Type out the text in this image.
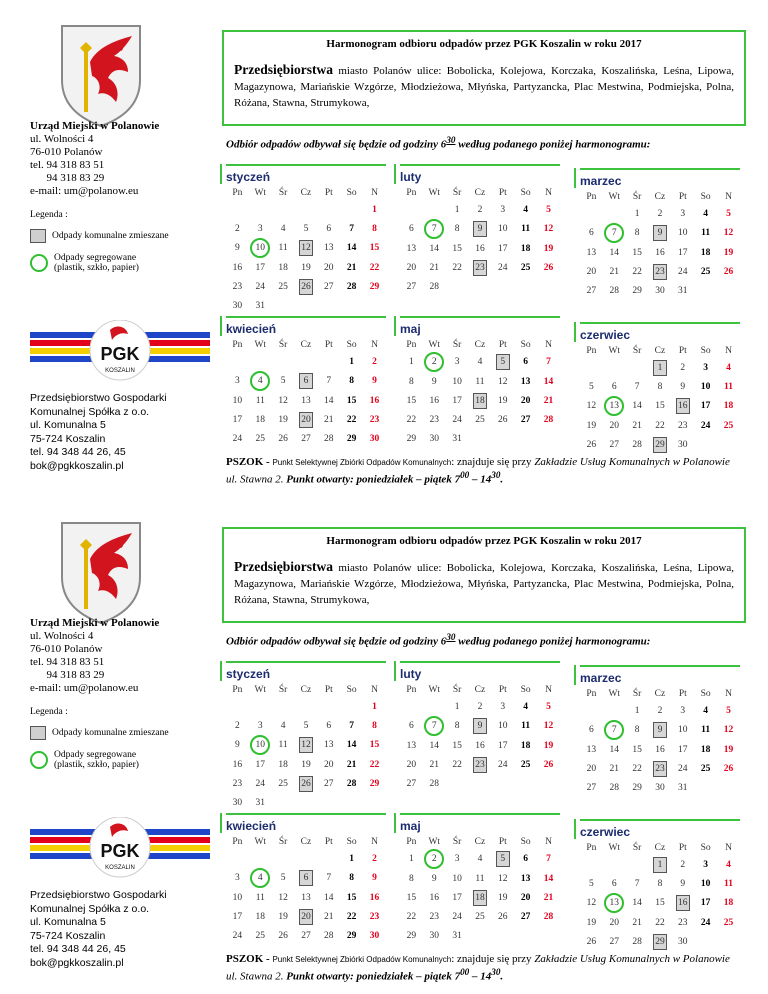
Urząd Miejski w Polanowie
ul. Wolności 4
76-010 Polanów
tel. 94 318 83 51
94 318 83 29
e-mail: um@polanow.eu
Legenda :
Odpady komunalne zmieszane
Odpady segregowane
(plastik, szkło, papier)
PGK
KOSZALIN
Przedsiębiorstwo Gospodarki
Komunalnej Spółka z o.o.
ul. Komunalna 5
75-724 Koszalin
tel. 94 348 44 26, 45
bok@pgkkoszalin.pl
Harmonogram odbioru odpadów przez PGK Koszalin w roku 2017
Przedsiębiorstwa miasto Polanów ulice: Bobolicka, Kolejowa, Korczaka, Koszalińska, Leśna, Lipowa, Magazynowa, Mariańskie Wzgórze, Młodzieżowa, Młyńska, Partyzancka, Plac Mestwina, Podmiejska, Polna, Różana, Stawna, Strumykowa,
Odbiór odpadów odbywał się będzie od godziny $6^{30}$ według podanego poniżej harmonogramu:
styczeń
Pn	Wt	Śr	Cz	Pt	So	N
						1
2	3	4	5	6	7	8
9	10	11	12	13	14	15
16	17	18	19	20	21	22
23	24	25	26	27	28	29
30	31					
luty
Pn	Wt	Śr	Cz	Pt	So	N
		1	2	3	4	5
6	7	8	9	10	11	12
13	14	15	16	17	18	19
20	21	22	23	24	25	26
27	28					
marzec
Pn	Wt	Śr	Cz	Pt	So	N
		1	2	3	4	5
6	7	8	9	10	11	12
13	14	15	16	17	18	19
20	21	22	23	24	25	26
27	28	29	30	31		
kwiecień
Pn	Wt	Śr	Cz	Pt	So	N
					1	2
3	4	5	6	7	8	9
10	11	12	13	14	15	16
17	18	19	20	21	22	23
24	25	26	27	28	29	30
maj
Pn	Wt	Śr	Cz	Pt	So	N
1	2	3	4	5	6	7
8	9	10	11	12	13	14
15	16	17	18	19	20	21
22	23	24	25	26	27	28
29	30	31				
czerwiec
Pn	Wt	Śr	Cz	Pt	So	N
			1	2	3	4
5	6	7	8	9	10	11
12	13	14	15	16	17	18
19	20	21	22	23	24	25
26	27	28	29	30		
PSZOK - Punkt Selektywnej Zbiórki Odpadów Komunalnych: znajduje się przy Zakładzie Usług Komunalnych w Polanowie ul. Stawna 2. Punkt otwarty: poniedziałek – piątek $7^{00} - 14^{30}$.
Urząd Miejski w Polanowie
ul. Wolności 4
76-010 Polanów
tel. 94 318 83 51
94 318 83 29
e-mail: um@polanow.eu
Legenda :
Odpady komunalne zmieszane
Odpady segregowane
(plastik, szkło, papier)
PGK
KOSZALIN
Przedsiębiorstwo Gospodarki
Komunalnej Spółka z o.o.
ul. Komunalna 5
75-724 Koszalin
tel. 94 348 44 26, 45
bok@pgkkoszalin.pl
Harmonogram odbioru odpadów przez PGK Koszalin w roku 2017
Przedsiębiorstwa miasto Polanów ulice: Bobolicka, Kolejowa, Korczaka, Koszalińska, Leśna, Lipowa, Magazynowa, Mariańskie Wzgórze, Młodzieżowa, Młyńska, Partyzancka, Plac Mestwina, Podmiejska, Polna, Różana, Stawna, Strumykowa,
Odbiór odpadów odbywał się będzie od godziny $6^{30}$ według podanego poniżej harmonogramu:
styczeń
Pn	Wt	Śr	Cz	Pt	So	N
						1
2	3	4	5	6	7	8
9	10	11	12	13	14	15
16	17	18	19	20	21	22
23	24	25	26	27	28	29
30	31					
luty
Pn	Wt	Śr	Cz	Pt	So	N
		1	2	3	4	5
6	7	8	9	10	11	12
13	14	15	16	17	18	19
20	21	22	23	24	25	26
27	28					
marzec
Pn	Wt	Śr	Cz	Pt	So	N
		1	2	3	4	5
6	7	8	9	10	11	12
13	14	15	16	17	18	19
20	21	22	23	24	25	26
27	28	29	30	31		
kwiecień
Pn	Wt	Śr	Cz	Pt	So	N
					1	2
3	4	5	6	7	8	9
10	11	12	13	14	15	16
17	18	19	20	21	22	23
24	25	26	27	28	29	30
maj
Pn	Wt	Śr	Cz	Pt	So	N
1	2	3	4	5	6	7
8	9	10	11	12	13	14
15	16	17	18	19	20	21
22	23	24	25	26	27	28
29	30	31				
czerwiec
Pn	Wt	Śr	Cz	Pt	So	N
			1	2	3	4
5	6	7	8	9	10	11
12	13	14	15	16	17	18
19	20	21	22	23	24	25
26	27	28	29	30		
PSZOK - Punkt Selektywnej Zbiórki Odpadów Komunalnych: znajduje się przy Zakładzie Usług Komunalnych w Polanowie ul. Stawna 2. Punkt otwarty: poniedziałek – piątek $7^{00} - 14^{30}$.
